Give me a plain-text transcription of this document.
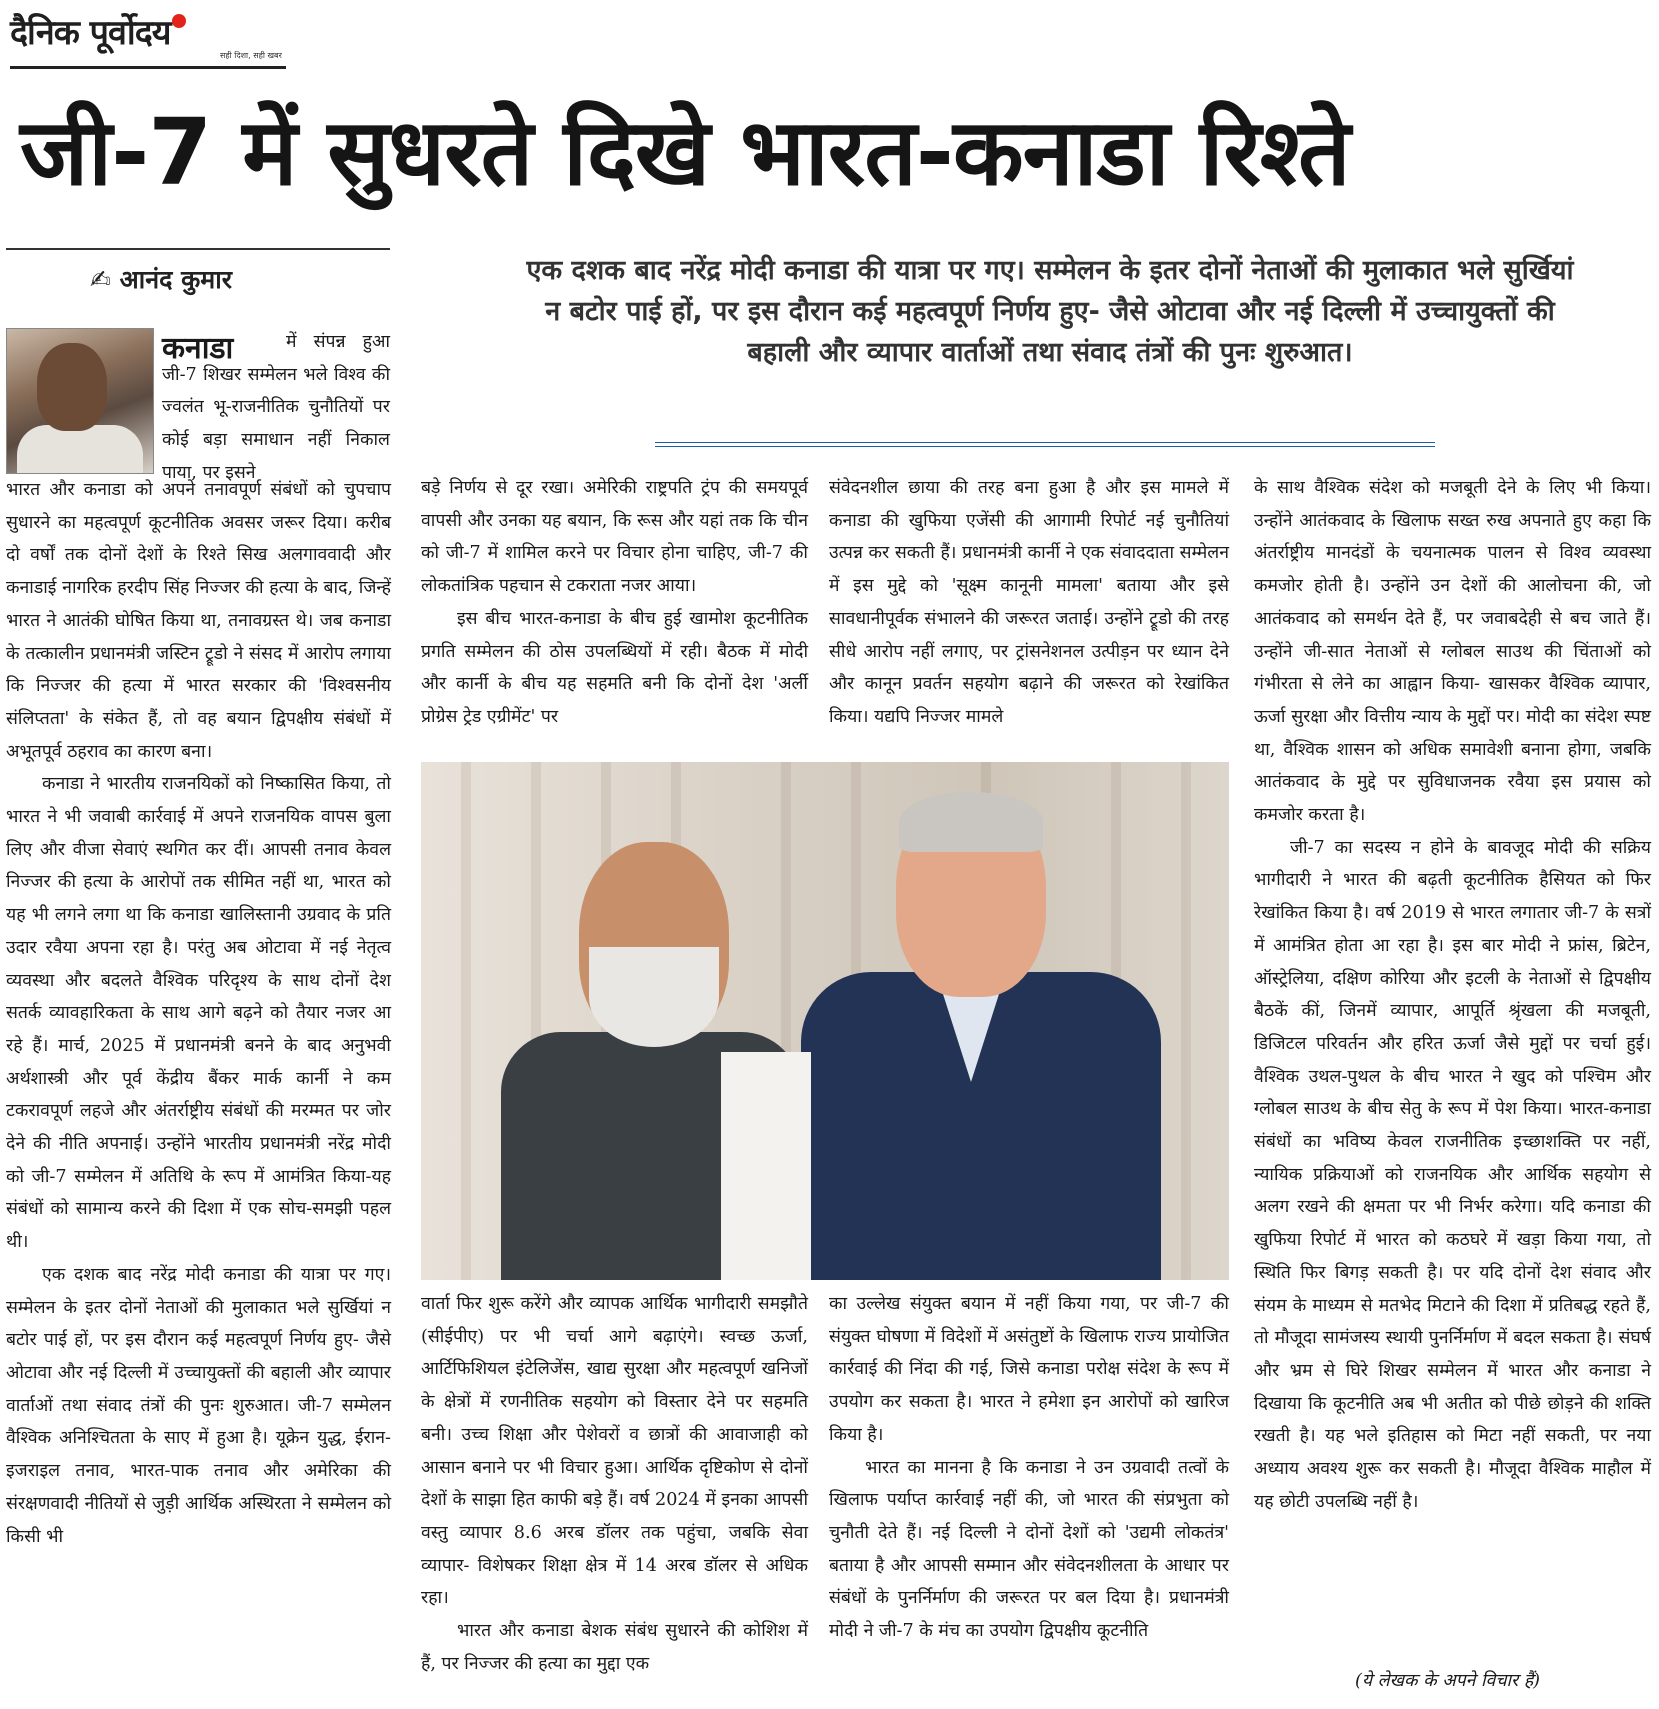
दैनिक पूर्वोदय
सही दिशा, सही खबर
जी-7 में सुधरते दिखे भारत-कनाडा रिश्ते
✍ आनंद कुमार	एक दशक बाद नरेंद्र मोदी कनाडा की यात्रा पर गए। सम्मेलन के इतर दोनों नेताओं की मुलाकात भले सुर्खियां न बटोर पाई हों, पर इस दौरान कई महत्वपूर्ण निर्णय हुए- जैसे ओटावा और नई दिल्ली में उच्चायुक्तों की बहाली और व्यापार वार्ताओं तथा संवाद तंत्रों की पुनः शुरुआत।
कनाडा	में संपन्न हुआ जी-7 शिखर सम्मेलन भले विश्व की ज्वलंत भू-राजनीतिक चुनौतियों पर कोई बड़ा समाधान नहीं निकाल पाया, पर इसने

भारत और कनाडा को अपने तनावपूर्ण संबंधों को चुपचाप सुधारने का महत्वपूर्ण कूटनीतिक अवसर जरूर दिया। करीब दो वर्षों तक दोनों देशों के रिश्ते सिख अलगाववादी और कनाडाई नागरिक हरदीप सिंह निज्जर की हत्या के बाद, जिन्हें भारत ने आतंकी घोषित किया था, तनावग्रस्त थे। जब कनाडा के तत्कालीन प्रधानमंत्री जस्टिन ट्रूडो ने संसद में आरोप लगाया कि निज्जर की हत्या में भारत सरकार की 'विश्वसनीय संलिप्तता' के संकेत हैं, तो वह बयान द्विपक्षीय संबंधों में अभूतपूर्व ठहराव का कारण बना।

कनाडा ने भारतीय राजनयिकों को निष्कासित किया, तो भारत ने भी जवाबी कार्रवाई में अपने राजनयिक वापस बुला लिए और वीजा सेवाएं स्थगित कर दीं। आपसी तनाव केवल निज्जर की हत्या के आरोपों तक सीमित नहीं था, भारत को यह भी लगने लगा था कि कनाडा खालिस्तानी उग्रवाद के प्रति उदार रवैया अपना रहा है। परंतु अब ओटावा में नई नेतृत्व व्यवस्था और बदलते वैश्विक परिदृश्य के साथ दोनों देश सतर्क व्यावहारिकता के साथ आगे बढ़ने को तैयार नजर आ रहे हैं। मार्च, 2025 में प्रधानमंत्री बनने के बाद अनुभवी अर्थशास्त्री और पूर्व केंद्रीय बैंकर मार्क कार्नी ने कम टकरावपूर्ण लहजे और अंतर्राष्ट्रीय संबंधों की मरम्मत पर जोर देने की नीति अपनाई। उन्होंने भारतीय प्रधानमंत्री नरेंद्र मोदी को जी-7 सम्मेलन में अतिथि के रूप में आमंत्रित किया-यह संबंधों को सामान्य करने की दिशा में एक सोच-समझी पहल थी।

एक दशक बाद नरेंद्र मोदी कनाडा की यात्रा पर गए। सम्मेलन के इतर दोनों नेताओं की मुलाकात भले सुर्खियां न बटोर पाई हों, पर इस दौरान कई महत्वपूर्ण निर्णय हुए- जैसे ओटावा और नई दिल्ली में उच्चायुक्तों की बहाली और व्यापार वार्ताओं तथा संवाद तंत्रों की पुनः शुरुआत। जी-7 सम्मेलन वैश्विक अनिश्चितता के साए में हुआ है। यूक्रेन युद्ध, ईरान-इजराइल तनाव, भारत-पाक तनाव और अमेरिका की संरक्षणवादी नीतियों से जुड़ी आर्थिक अस्थिरता ने सम्मेलन को किसी भी

बड़े निर्णय से दूर रखा। अमेरिकी राष्ट्रपति ट्रंप की समयपूर्व वापसी और उनका यह बयान, कि रूस और यहां तक कि चीन को जी-7 में शामिल करने पर विचार होना चाहिए, जी-7 की लोकतांत्रिक पहचान से टकराता नजर आया।

इस बीच भारत-कनाडा के बीच हुई खामोश कूटनीतिक प्रगति सम्मेलन की ठोस उपलब्धियों में रही। बैठक में मोदी और कार्नी के बीच यह सहमति बनी कि दोनों देश 'अर्ली प्रोग्रेस ट्रेड एग्रीमेंट' पर

संवेदनशील छाया की तरह बना हुआ है और इस मामले में कनाडा की खुफिया एजेंसी की आगामी रिपोर्ट नई चुनौतियां उत्पन्न कर सकती हैं। प्रधानमंत्री कार्नी ने एक संवाददाता सम्मेलन में इस मुद्दे को 'सूक्ष्म कानूनी मामला' बताया और इसे सावधानीपूर्वक संभालने की जरूरत जताई। उन्होंने ट्रूडो की तरह सीधे आरोप नहीं लगाए, पर ट्रांसनेशनल उत्पीड़न पर ध्यान देने और कानून प्रवर्तन सहयोग बढ़ाने की जरूरत को रेखांकित किया। यद्यपि निज्जर मामले

वार्ता फिर शुरू करेंगे और व्यापक आर्थिक भागीदारी समझौते (सीईपीए) पर भी चर्चा आगे बढ़ाएंगे। स्वच्छ ऊर्जा, आर्टिफिशियल इंटेलिजेंस, खाद्य सुरक्षा और महत्वपूर्ण खनिजों के क्षेत्रों में रणनीतिक सहयोग को विस्तार देने पर सहमति बनी। उच्च शिक्षा और पेशेवरों व छात्रों की आवाजाही को आसान बनाने पर भी विचार हुआ। आर्थिक दृष्टिकोण से दोनों देशों के साझा हित काफी बड़े हैं। वर्ष 2024 में इनका आपसी वस्तु व्यापार 8.6 अरब डॉलर तक पहुंचा, जबकि सेवा व्यापार- विशेषकर शिक्षा क्षेत्र में 14 अरब डॉलर से अधिक रहा।

भारत और कनाडा बेशक संबंध सुधारने की कोशिश में हैं, पर निज्जर की हत्या का मुद्दा एक

का उल्लेख संयुक्त बयान में नहीं किया गया, पर जी-7 की संयुक्त घोषणा में विदेशों में असंतुष्टों के खिलाफ राज्य प्रायोजित कार्रवाई की निंदा की गई, जिसे कनाडा परोक्ष संदेश के रूप में उपयोग कर सकता है। भारत ने हमेशा इन आरोपों को खारिज किया है।

भारत का मानना है कि कनाडा ने उन उग्रवादी तत्वों के खिलाफ पर्याप्त कार्रवाई नहीं की, जो भारत की संप्रभुता को चुनौती देते हैं। नई दिल्ली ने दोनों देशों को 'उद्यमी लोकतंत्र' बताया है और आपसी सम्मान और संवेदनशीलता के आधार पर संबंधों के पुनर्निर्माण की जरूरत पर बल दिया है। प्रधानमंत्री मोदी ने जी-7 के मंच का उपयोग द्विपक्षीय कूटनीति

के साथ वैश्विक संदेश को मजबूती देने के लिए भी किया। उन्होंने आतंकवाद के खिलाफ सख्त रुख अपनाते हुए कहा कि अंतर्राष्ट्रीय मानदंडों के चयनात्मक पालन से विश्व व्यवस्था कमजोर होती है। उन्होंने उन देशों की आलोचना की, जो आतंकवाद को समर्थन देते हैं, पर जवाबदेही से बच जाते हैं। उन्होंने जी-सात नेताओं से ग्लोबल साउथ की चिंताओं को गंभीरता से लेने का आह्वान किया- खासकर वैश्विक व्यापार, ऊर्जा सुरक्षा और वित्तीय न्याय के मुद्दों पर। मोदी का संदेश स्पष्ट था, वैश्विक शासन को अधिक समावेशी बनाना होगा, जबकि आतंकवाद के मुद्दे पर सुविधाजनक रवैया इस प्रयास को कमजोर करता है।

जी-7 का सदस्य न होने के बावजूद मोदी की सक्रिय भागीदारी ने भारत की बढ़ती कूटनीतिक हैसियत को फिर रेखांकित किया है। वर्ष 2019 से भारत लगातार जी-7 के सत्रों में आमंत्रित होता आ रहा है। इस बार मोदी ने फ्रांस, ब्रिटेन, ऑस्ट्रेलिया, दक्षिण कोरिया और इटली के नेताओं से द्विपक्षीय बैठकें कीं, जिनमें व्यापार, आपूर्ति श्रृंखला की मजबूती, डिजिटल परिवर्तन और हरित ऊर्जा जैसे मुद्दों पर चर्चा हुई। वैश्विक उथल-पुथल के बीच भारत ने खुद को पश्चिम और ग्लोबल साउथ के बीच सेतु के रूप में पेश किया। भारत-कनाडा संबंधों का भविष्य केवल राजनीतिक इच्छाशक्ति पर नहीं, न्यायिक प्रक्रियाओं को राजनयिक और आर्थिक सहयोग से अलग रखने की क्षमता पर भी निर्भर करेगा। यदि कनाडा की खुफिया रिपोर्ट में भारत को कठघरे में खड़ा किया गया, तो स्थिति फिर बिगड़ सकती है। पर यदि दोनों देश संवाद और संयम के माध्यम से मतभेद मिटाने की दिशा में प्रतिबद्ध रहते हैं, तो मौजूदा सामंजस्य स्थायी पुनर्निर्माण में बदल सकता है। संघर्ष और भ्रम से घिरे शिखर सम्मेलन में भारत और कनाडा ने दिखाया कि कूटनीति अब भी अतीत को पीछे छोड़ने की शक्ति रखती है। यह भले इतिहास को मिटा नहीं सकती, पर नया अध्याय अवश्य शुरू कर सकती है। मौजूदा वैश्विक माहौल में यह छोटी उपलब्धि नहीं है।

(ये लेखक के अपने विचार हैं)
